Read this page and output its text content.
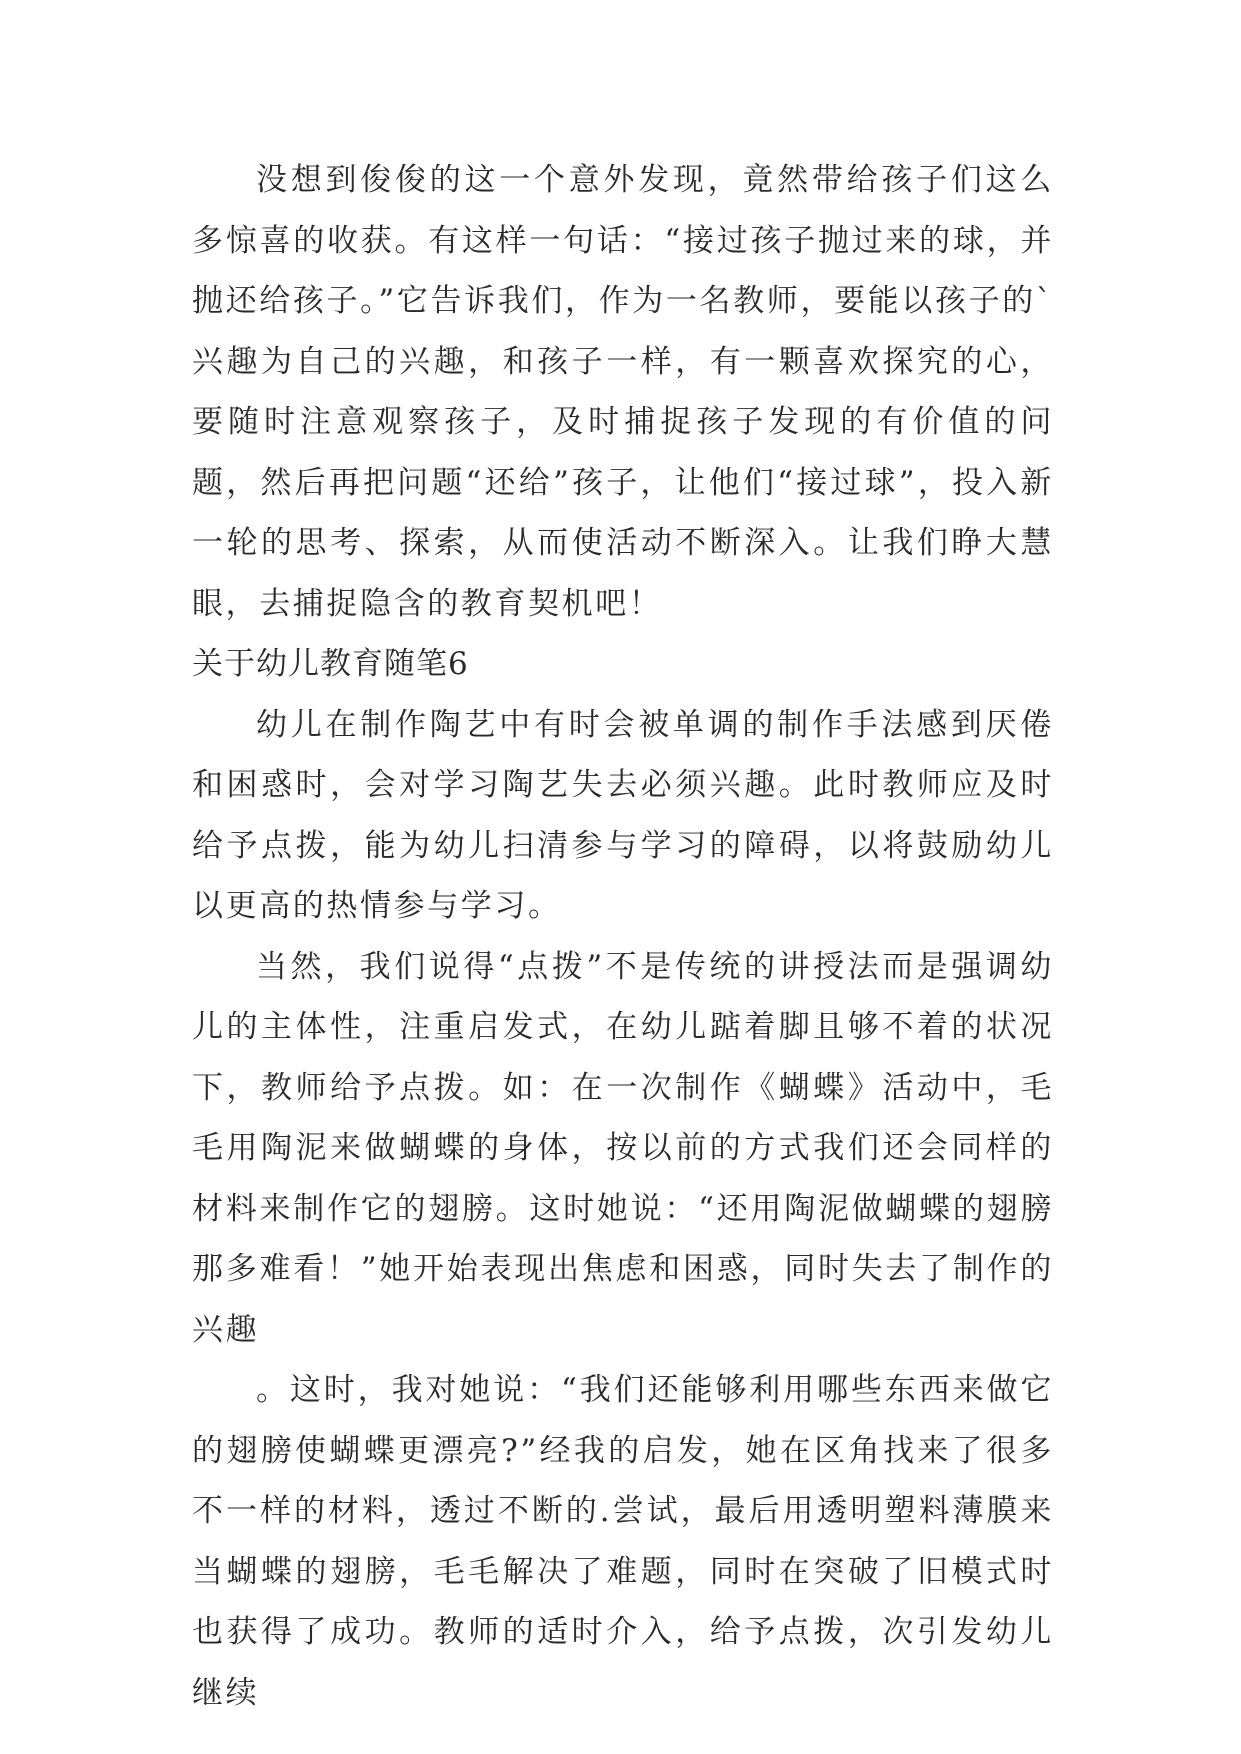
没想到俊俊的这一个意外发现，竟然带给孩子们这么多惊喜的收获。有这样一句话：“接过孩子抛过来的球，并抛还给孩子。”它告诉我们，作为一名教师，要能以孩子的`兴趣为自己的兴趣，和孩子一样，有一颗喜欢探究的心，要随时注意观察孩子，及时捕捉孩子发现的有价值的问题，然后再把问题“还给”孩子，让他们“接过球”，投入新一轮的思考、探索，从而使活动不断深入。让我们睁大慧眼，去捕捉隐含的教育契机吧！

关于幼儿教育随笔6

幼儿在制作陶艺中有时会被单调的制作手法感到厌倦和困惑时，会对学习陶艺失去必须兴趣。此时教师应及时给予点拨，能为幼儿扫清参与学习的障碍，以将鼓励幼儿以更高的热情参与学习。

当然，我们说得“点拨”不是传统的讲授法而是强调幼儿的主体性，注重启发式，在幼儿踮着脚且够不着的状况下，教师给予点拨。如：在一次制作《蝴蝶》活动中，毛毛用陶泥来做蝴蝶的身体，按以前的方式我们还会同样的材料来制作它的翅膀。这时她说：“还用陶泥做蝴蝶的翅膀那多难看！”她开始表现出焦虑和困惑，同时失去了制作的兴趣

。这时，我对她说：“我们还能够利用哪些东西来做它的翅膀使蝴蝶更漂亮?”经我的启发，她在区角找来了很多不一样的材料，透过不断的.尝试，最后用透明塑料薄膜来当蝴蝶的翅膀，毛毛解决了难题，同时在突破了旧模式时也获得了成功。教师的适时介入，给予点拨，次引发幼儿继续
